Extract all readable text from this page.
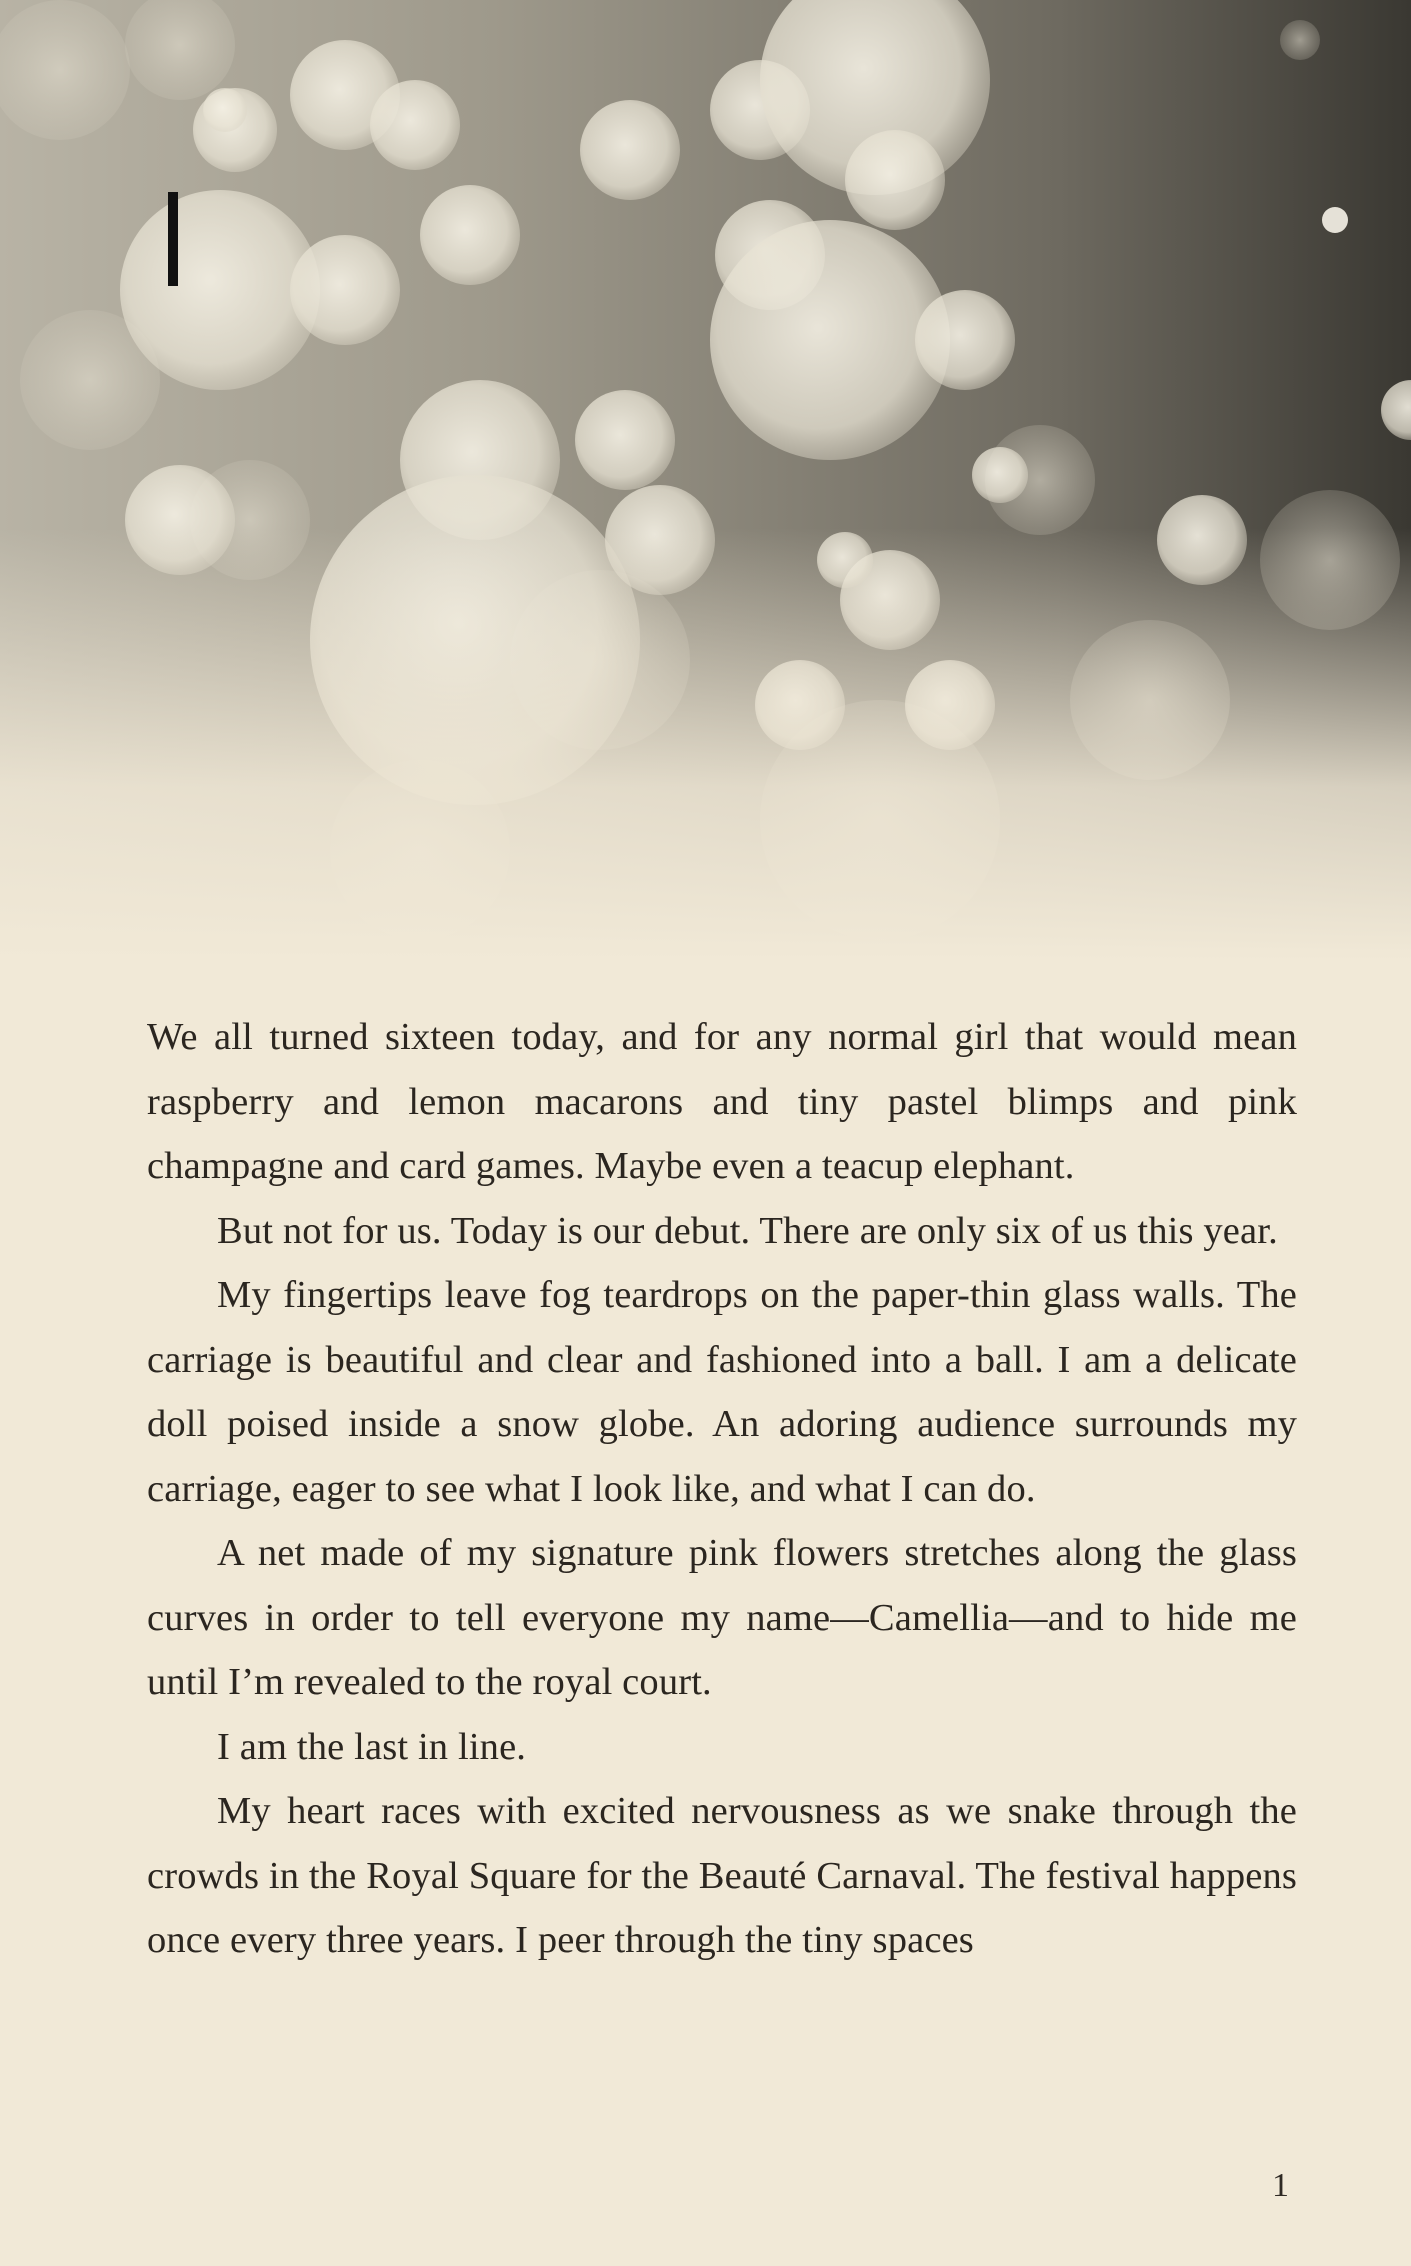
We all turned sixteen today, and for any normal girl that would mean raspberry and lemon macarons and tiny pastel blimps and pink champagne and card games. Maybe even a teacup elephant.

But not for us. Today is our debut. There are only six of us this year.

My fingertips leave fog teardrops on the paper-thin glass walls. The carriage is beautiful and clear and fashioned into a ball. I am a delicate doll poised inside a snow globe. An adoring audience surrounds my carriage, eager to see what I look like, and what I can do.

A net made of my signature pink flowers stretches along the glass curves in order to tell everyone my name—Camellia—and to hide me until I’m revealed to the royal court.

I am the last in line.

My heart races with excited nervousness as we snake through the crowds in the Royal Square for the Beauté Carnaval. The festival happens once every three years. I peer through the tiny spaces

1
